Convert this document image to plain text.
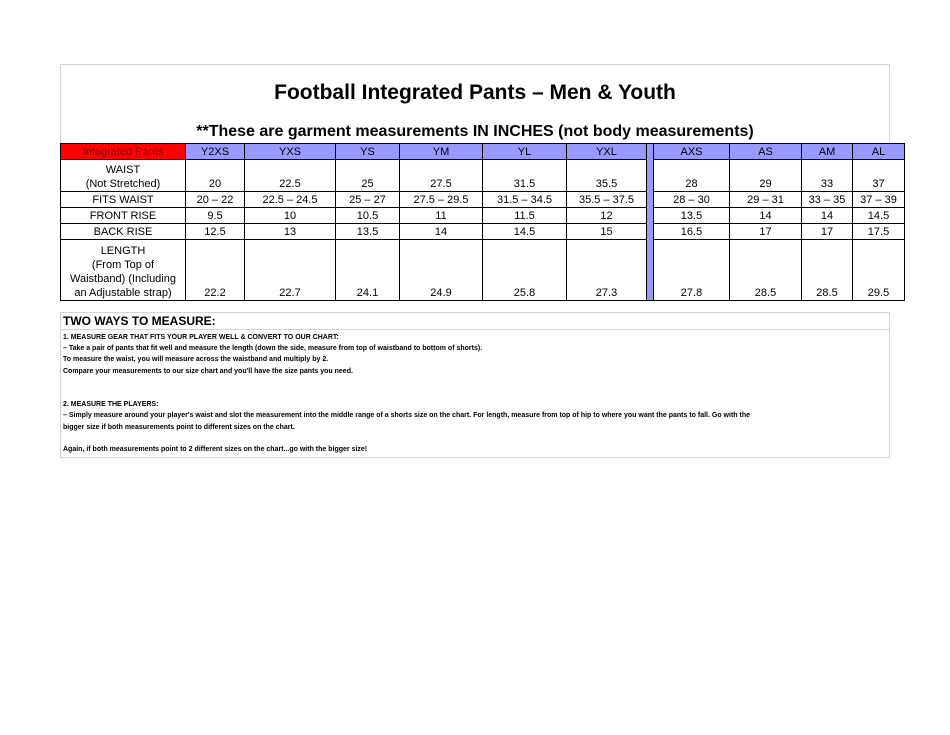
Football Integrated Pants – Men & Youth
**These are garment measurements IN INCHES (not body measurements)
Integrated Pants	Y2XS	YXS	YS	YM	YL	YXL		AXS	AS	AM	AL

WAIST
(Not Stretched)	20	22.5	25	27.5	31.5	35.5		28	29	33	37
FITS WAIST	20 – 22	22.5 – 24.5	25 – 27	27.5 – 29.5	31.5 – 34.5	35.5 – 37.5		28 – 30	29 – 31	33 – 35	37 – 39
FRONT RISE	9.5	10	10.5	11	11.5	12		13.5	14	14	14.5
BACK RISE	12.5	13	13.5	14	14.5	15		16.5	17	17	17.5

LENGTH
(From Top of
Waistband) (Including
an Adjustable strap)	22.2	22.7	24.1	24.9	25.8	27.3		27.8	28.5	28.5	29.5
TWO WAYS TO MEASURE:
1. MEASURE GEAR THAT FITS YOUR PLAYER WELL & CONVERT TO OUR CHART:
– Take a pair of pants that fit well and measure the length (down the side, measure from top of waistband to bottom of shorts).
To measure the waist, you will measure across the waistband and multiply by 2.
Compare your measurements to our size chart and you'll have the size pants you need.
2. MEASURE THE PLAYERS:
– Simply measure around your player's waist and slot the measurement into the middle range of a shorts size on the chart. For length, measure from top of hip to where you want the pants to fall. Go with the
bigger size if both measurements point to different sizes on the chart.
Again, if both measurements point to 2 different sizes on the chart...go with the bigger size!
